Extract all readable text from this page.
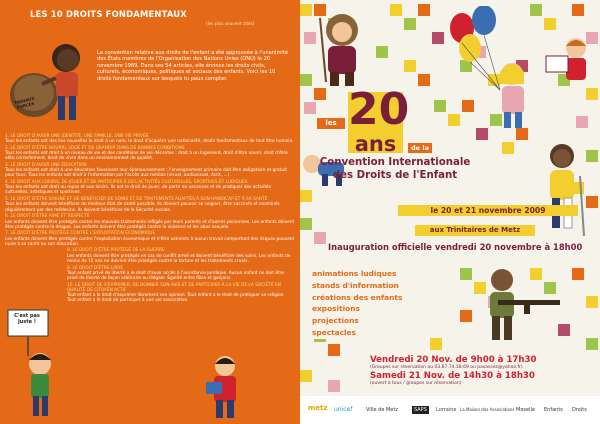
LES 10 DROITS FONDAMENTAUX
(les plus souvent cités)
TRAVAUX FORCÉS

La convention relative aux droits de l'enfant a été approuvée à l'unanimité des États membres de l'Organisation des Nations Unies (ONU) le 20 novembre 1989. Dans ses 54 articles, elle énonce les droits civils, culturels, économiques, politiques et sociaux des enfants. Voici les 10 droits fondamentaux sur lesquels tu peux compter.

1. LE DROIT D'AVOIR UNE IDENTITÉ, UNE FAMILLE, UNE VIE PRIVÉE
Tous les enfants ont des lois nouvelles le droit à un nom, le droit d'acquérir une nationalité, droits fondamentaux de tout être humain.
2. LE DROIT D'ÊTRE NOURRI, LOGÉ ET DE GRANDIR DANS DE BONNES CONDITIONS
Tous les enfants ont droit à un niveau de vie et des conditions de vie décentes : droit à un logement, droit d'être nourri, droit d'être vêtu correctement, droit de vivre dans un environnement de qualité.
3. LE DROIT D'AVOIR UNE ÉDUCATION
Tous les enfants ont droit à une éducation favorisant leur épanouissement : l'enseignement primaire doit être obligatoire et gratuit pour tous. Tous les enfants ont droit à l'information par l'accès aux médias (visuel, audiovisuel, écrit, ...).
4. LE DROIT AUX LOISIRS, DE JOUER ET DE PARTICIPER À DES ACTIVITÉS CULTURELLES, SPORTIVES ET LUDIQUES
Tous les enfants ont droit au repos et aux loisirs. Ils ont le droit de jouer, de partir en vacances et de pratiquer des activités culturelles, artistiques et sportives.
5. LE DROIT D'ÊTRE SOIGNÉ ET DE BÉNÉFICIER DE SOINS ET DE TRAITEMENTS ADAPTÉS À SON HANDICAP ET À SA SANTÉ
Tous les enfants doivent bénéficier du meilleur état de santé possible. Ils doivent pouvoir se soigner, être vaccinés et examinés régulièrement par des médecins. Ils doivent bénéficier de la Sécurité sociale.
6. LE DROIT D'ÊTRE AIMÉ ET RESPECTÉ
Les enfants doivent être protégés contre les mauvais traitements infligés par leurs parents et d'autres personnes. Les enfants doivent être protégés contre la drogue. Les enfants doivent être protégés contre la violence et les abus sexuels.
7. LE DROIT D'ÊTRE PROTÉGÉ CONTRE L'EXPLOITATION ÉCONOMIQUE
Les enfants doivent être protégés contre l'exploitation économique et n'être astreints à aucun travail comportant des risques pouvant nuire à sa santé ou son éducation.
8. LE DROIT D'ÊTRE PROTÉGÉ DE LA GUERRE
Les enfants doivent être protégés en cas de conflit armé et doivent bénéficier des soins. Les enfants de moins de 15 ans ne doivent être protégés contre la torture et les traitements cruels.
9. LE DROIT D'ÊTRE LIBRE
Tout enfant privé de liberté a le droit d'avoir accès à l'assistance juridique. Aucun enfant ne doit être privé de liberté de façon arbitraire ou illégale. Égalité entre filles et garçons.
10. LE DROIT DE S'EXPRIMER, DE DONNER SON AVIS ET DE PARTICIPER À LA VIE DE LA SOCIÉTÉ EN QUALITÉ DE CITOYEN ACTIF
Tout enfant a le droit d'exprimer librement son opinion. Tout enfant a le droit de pratiquer sa religion. Tout enfant a le droit de participer à une vie associative.
C'est pas juste !
20
ans
les
de la
Convention Internationale
des Droits de l'Enfant
le 20 et 21 novembre 2009
aux Trinitaires de Metz
Inauguration officielle vendredi 20 novembre à 18h00
animations ludiques
stands d'information
créations des enfants
expositions
projections
spectacles
Vendredi 20 Nov. de 9h00 à 17h30
(Groupes sur réservation au 03.87.74.18.69 ou pasassez@yahoo.fr)
Samedi 21 Nov. de 14h30 à 18h30
(ouvert à tous / groupes sur réservation)
metz unicef	Ville de Metz	SAPS	Lorraine La Maison des Associations Moselle Enfants Droits
